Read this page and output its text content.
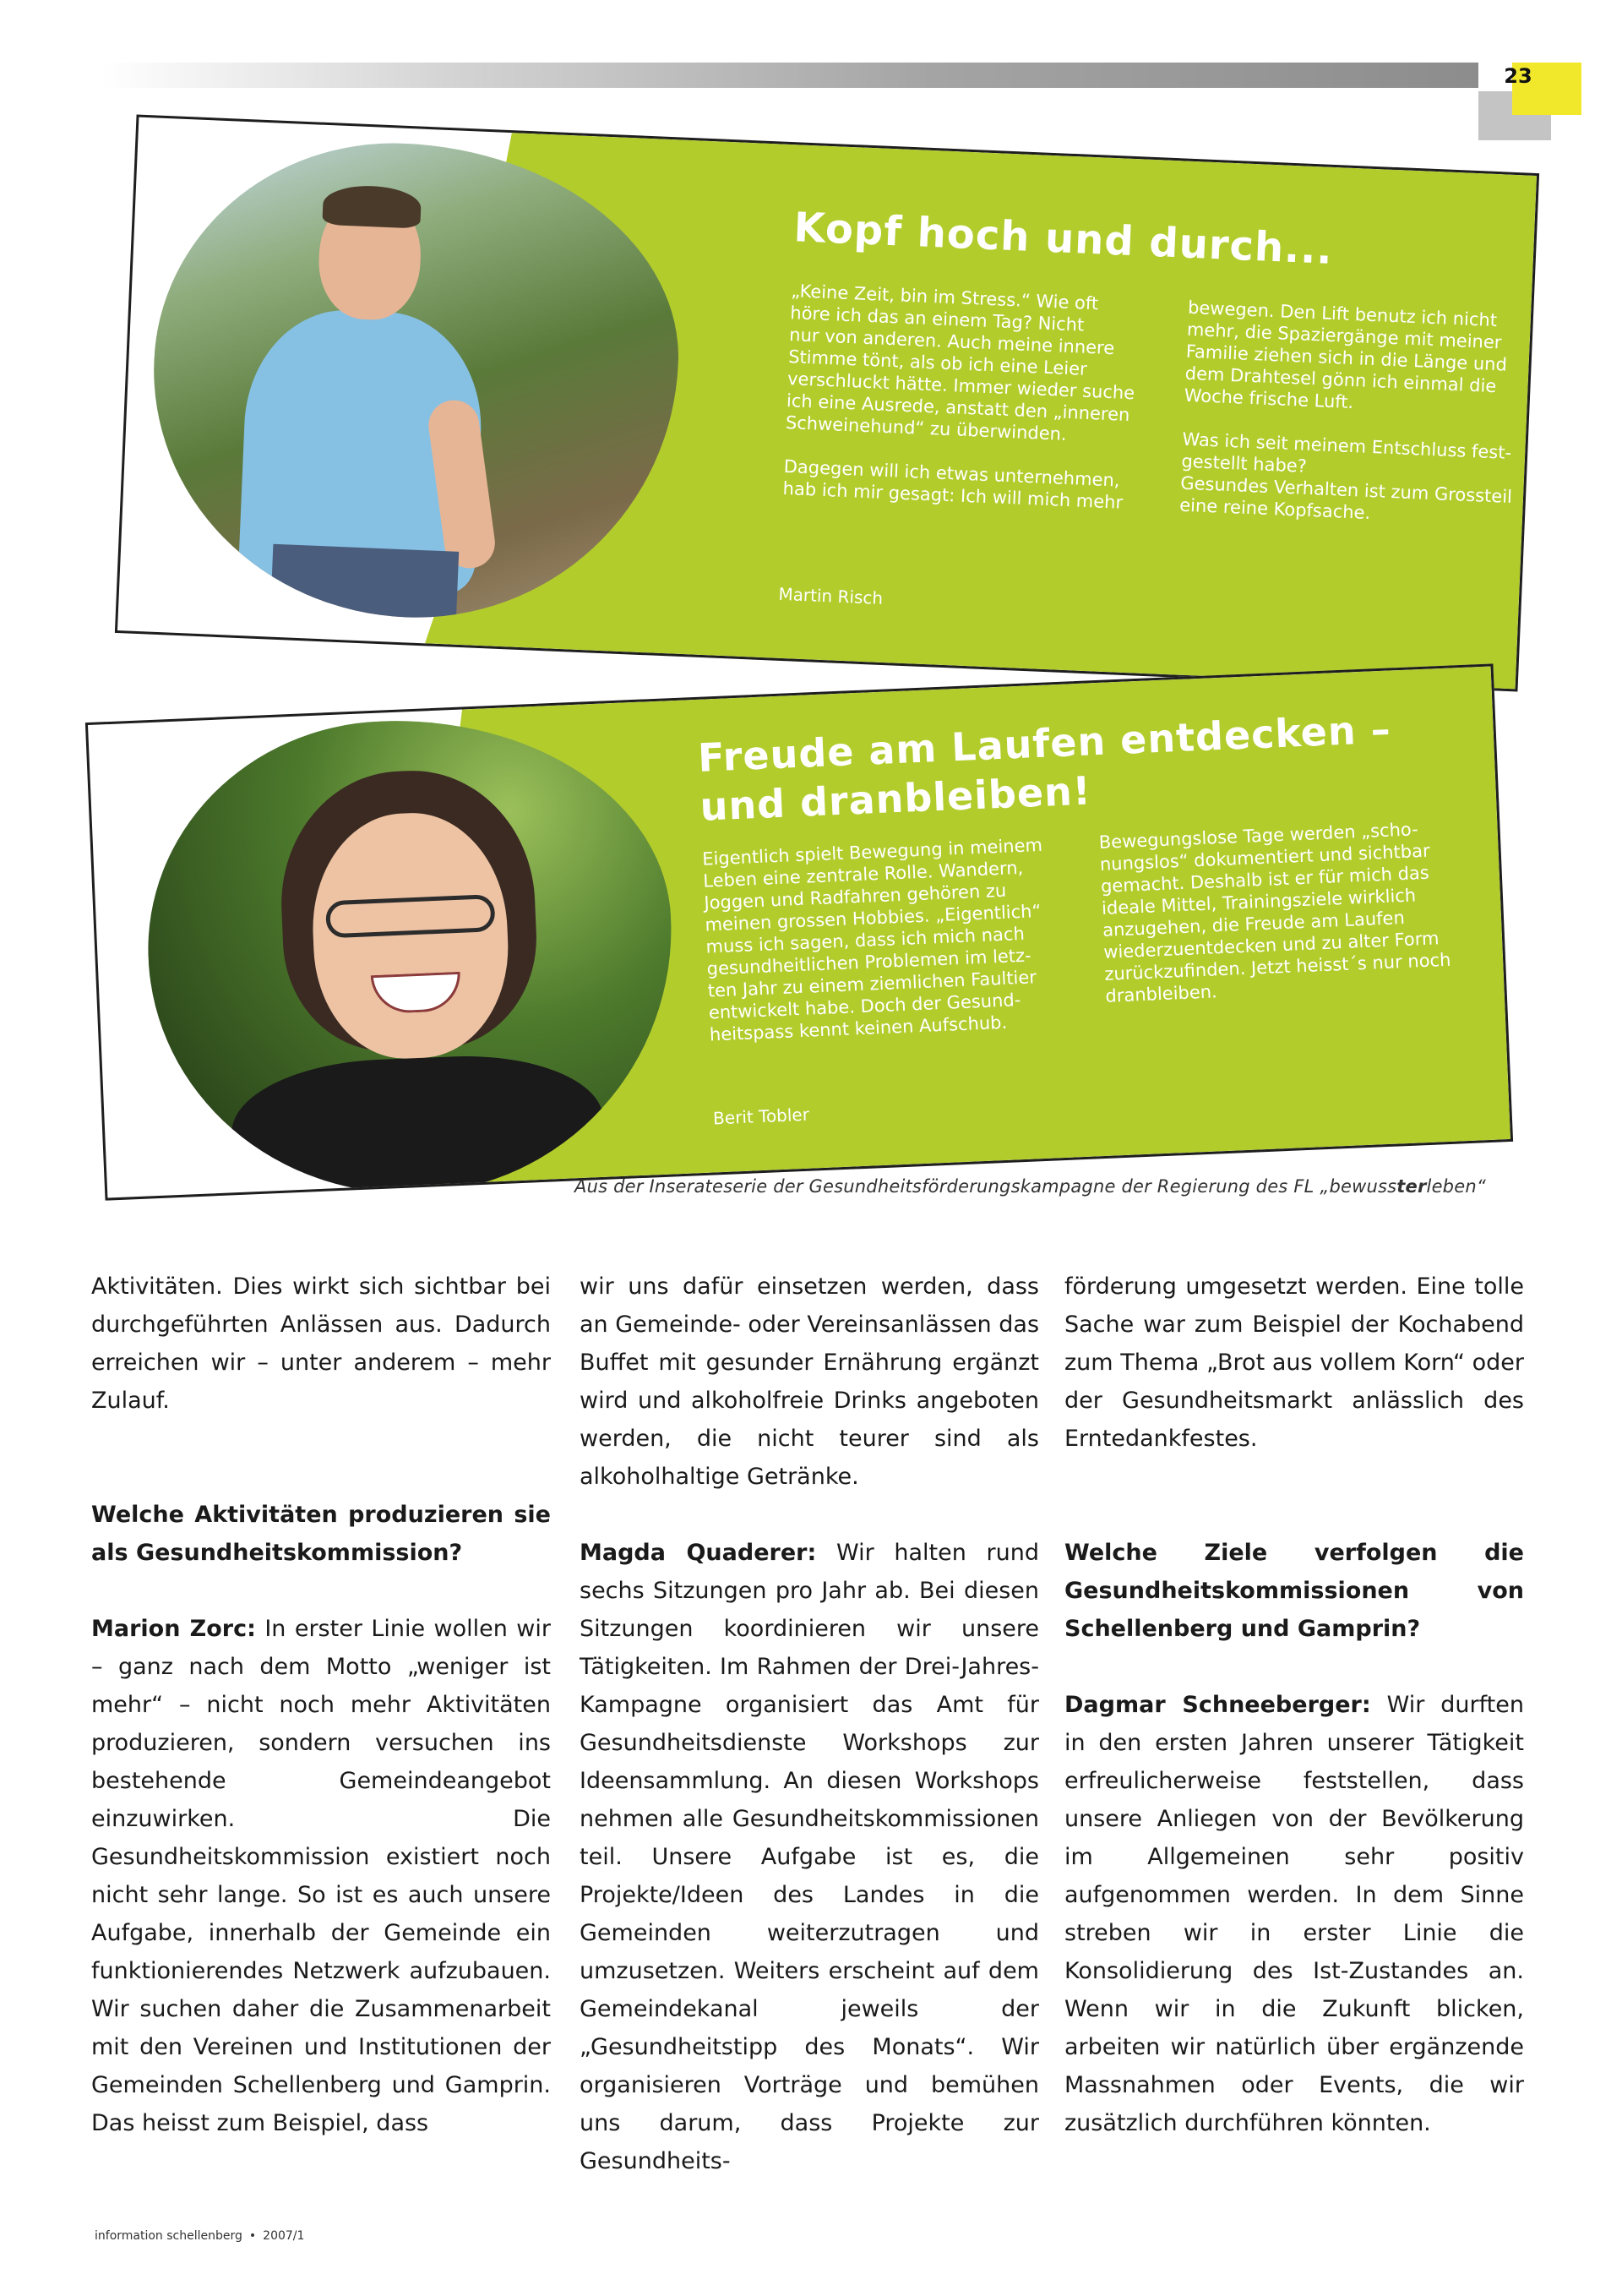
23
Kopf hoch und durch...
„Keine Zeit, bin im Stress.“ Wie oft
höre ich das an einem Tag? Nicht
nur von anderen. Auch meine innere
Stimme tönt, als ob ich eine Leier
verschluckt hätte. Immer wieder suche
ich eine Ausrede, anstatt den „inneren
Schweinehund“ zu überwinden.

Dagegen will ich etwas unternehmen,
hab ich mir gesagt: Ich will mich mehr
bewegen. Den Lift benutz ich nicht
mehr, die Spaziergänge mit meiner
Familie ziehen sich in die Länge und
dem Drahtesel gönn ich einmal die
Woche frische Luft.

Was ich seit meinem Entschluss fest-
gestellt habe?
Gesundes Verhalten ist zum Grossteil
eine reine Kopfsache.
Martin Risch
Freude am Laufen entdecken – und dranbleiben!
Eigentlich spielt Bewegung in meinem
Leben eine zentrale Rolle. Wandern,
Joggen und Radfahren gehören zu
meinen grossen Hobbies. „Eigentlich“
muss ich sagen, dass ich mich nach
gesundheitlichen Problemen im letz-
ten Jahr zu einem ziemlichen Faultier
entwickelt habe. Doch der Gesund-
heitspass kennt keinen Aufschub.
Bewegungslose Tage werden „scho-
nungslos“ dokumentiert und sichtbar
gemacht. Deshalb ist er für mich das
ideale Mittel, Trainingsziele wirklich
anzugehen, die Freude am Laufen
wiederzuentdecken und zu alter Form
zurückzufinden. Jetzt heisst´s nur noch
dranbleiben.
Berit Tobler
Aus der Inserateserie der Gesundheitsförderungskampagne der Regierung des FL „bewussterleben“

Aktivitäten. Dies wirkt sich sichtbar bei durchgeführten Anlässen aus. Dadurch erreichen wir – unter anderem – mehr Zulauf.

Welche Aktivitäten produzieren sie als Gesundheitskommission?

Marion Zorc: In erster Linie wollen wir – ganz nach dem Motto „weniger ist mehr“ – nicht noch mehr Aktivitäten produzieren, sondern versuchen ins bestehende Gemeindeangebot einzuwirken. Die Gesundheitskommission existiert noch nicht sehr lange. So ist es auch unsere Aufgabe, innerhalb der Gemeinde ein funktionierendes Netzwerk aufzubauen. Wir suchen daher die Zusammenarbeit mit den Vereinen und Institutionen der Gemeinden Schellenberg und Gamprin. Das heisst zum Beispiel, dass

wir uns dafür einsetzen werden, dass an Gemeinde- oder Vereinsanlässen das Buffet mit gesunder Ernährung ergänzt wird und alkoholfreie Drinks angeboten werden, die nicht teurer sind als alkoholhaltige Getränke.

Magda Quaderer: Wir halten rund sechs Sitzungen pro Jahr ab. Bei diesen Sitzungen koordinieren wir unsere Tätigkeiten. Im Rahmen der Drei-Jahres-Kampagne organisiert das Amt für Gesundheitsdienste Workshops zur Ideensammlung. An diesen Workshops nehmen alle Gesundheitskommissionen teil. Unsere Aufgabe ist es, die Projekte/Ideen des Landes in die Gemeinden weiterzutragen und umzusetzen. Weiters erscheint auf dem Gemeindekanal jeweils der „Gesundheitstipp des Monats“. Wir organisieren Vorträge und bemühen uns darum, dass Projekte zur Gesundheits-

förderung umgesetzt werden. Eine tolle Sache war zum Beispiel der Kochabend zum Thema „Brot aus vollem Korn“ oder der Gesundheitsmarkt anlässlich des Erntedankfestes.

Welche Ziele verfolgen die Gesundheitskommissionen von Schellenberg und Gamprin?

Dagmar Schneeberger: Wir durften in den ersten Jahren unserer Tätigkeit erfreulicherweise feststellen, dass unsere Anliegen von der Bevölkerung im Allgemeinen sehr positiv aufgenommen werden. In dem Sinne streben wir in erster Linie die Konsolidierung des Ist-Zustandes an. Wenn wir in die Zukunft blicken, arbeiten wir natürlich über ergänzende Massnahmen oder Events, die wir zusätzlich durchführen könnten.

information schellenberg • 2007/1
